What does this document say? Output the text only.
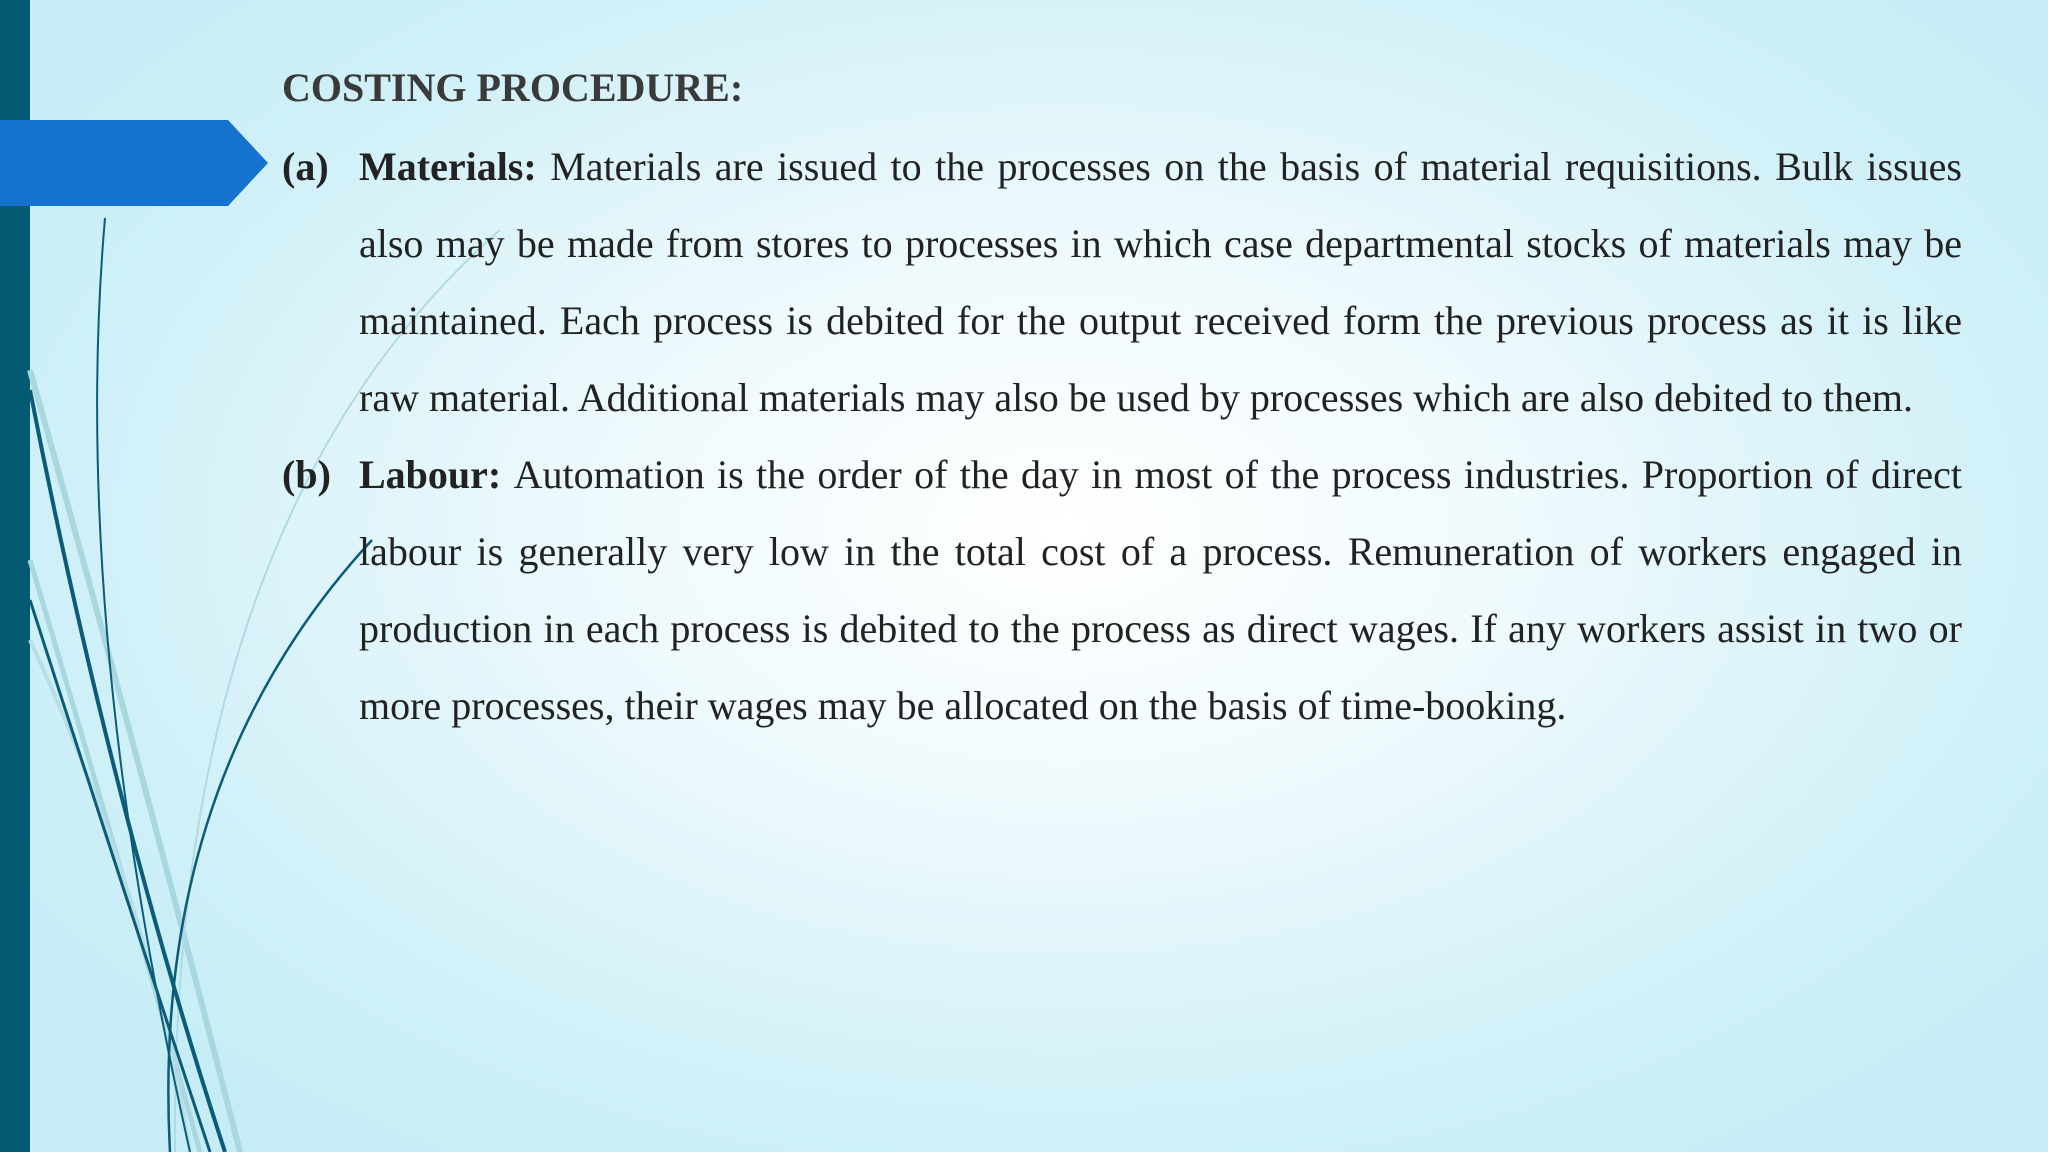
COSTING PROCEDURE:
(a) Materials: Materials are issued to the processes on the basis of material requisitions. Bulk issues also may be made from stores to processes in which case departmental stocks of materials may be maintained. Each process is debited for the output received form the previous process as it is like raw material. Additional materials may also be used by processes which are also debited to them.
(b) Labour: Automation is the order of the day in most of the process industries. Proportion of direct labour is generally very low in the total cost of a process. Remuneration of workers engaged in production in each process is debited to the process as direct wages. If any workers assist in two or more processes, their wages may be allocated on the basis of time-booking.
